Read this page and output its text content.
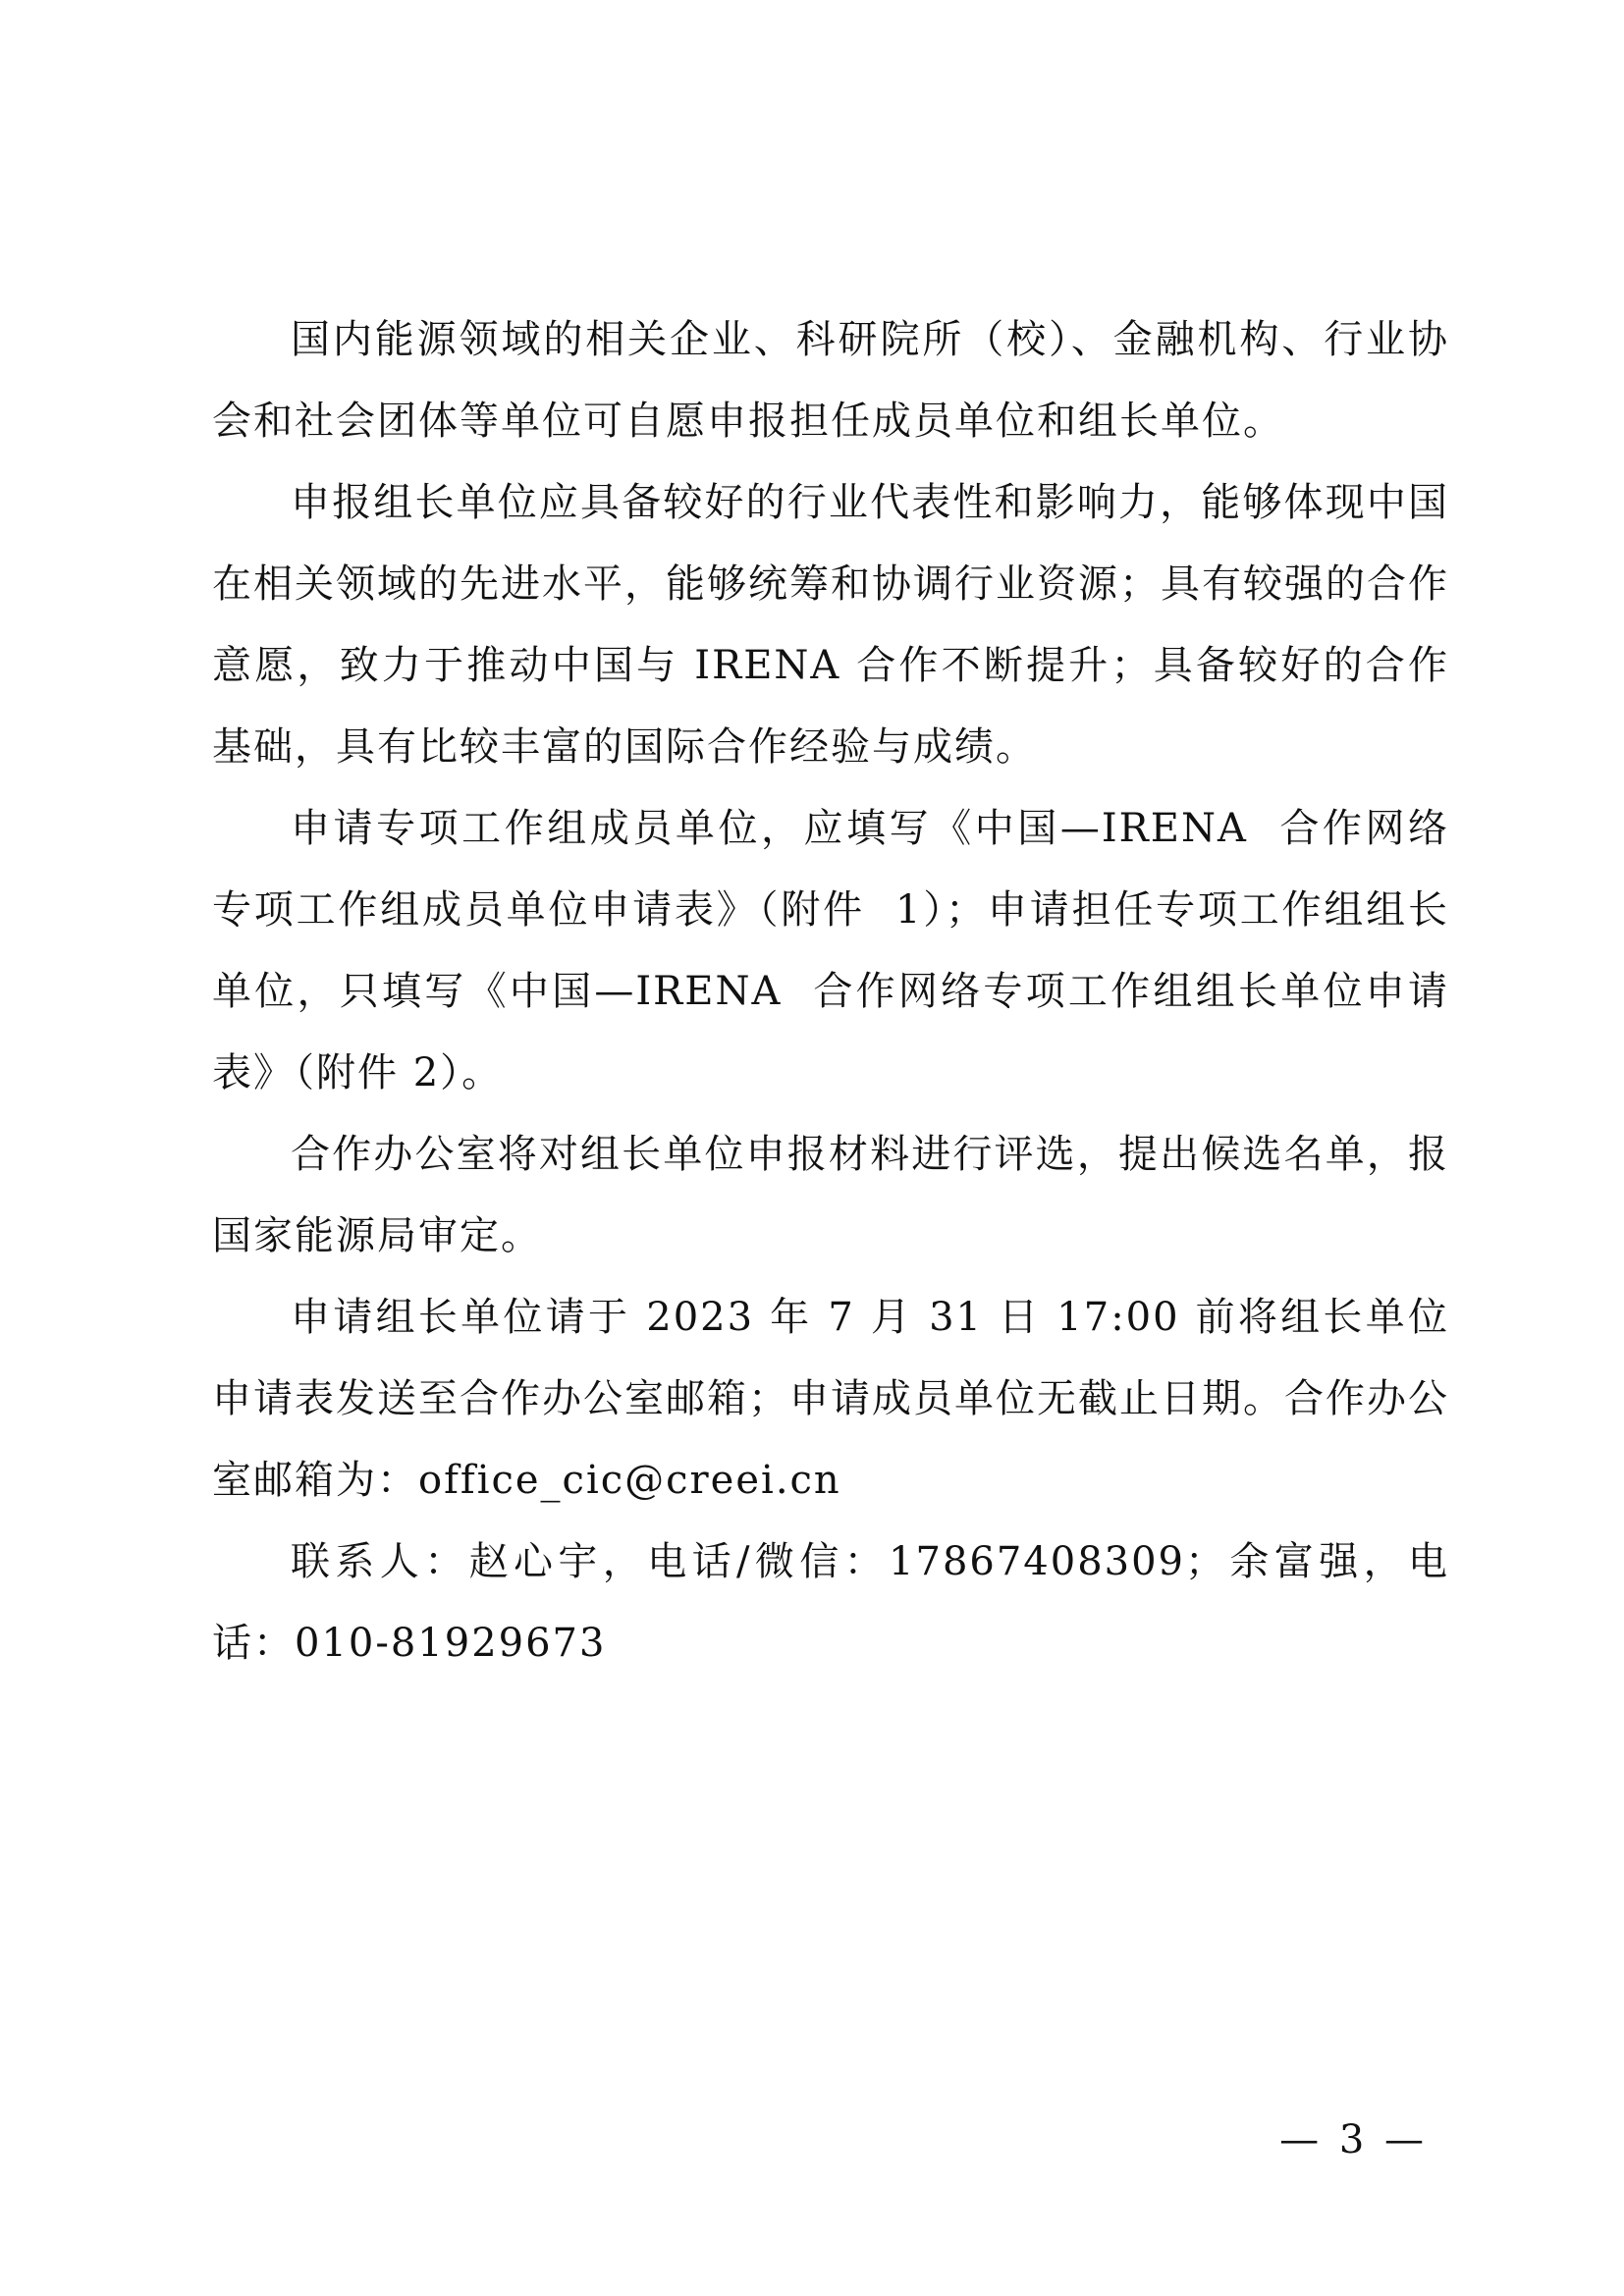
国内能源领域的相关企业、科研院所（校）、金融机构、行业协会和社会团体等单位可自愿申报担任成员单位和组长单位。

申报组长单位应具备较好的行业代表性和影响力，能够体现中国在相关领域的先进水平，能够统筹和协调行业资源；具有较强的合作意愿，致力于推动中国与 IRENA 合作不断提升；具备较好的合作基础，具有比较丰富的国际合作经验与成绩。

申请专项工作组成员单位，应填写《中国—IRENA  合作网络专项工作组成员单位申请表》（附件  1）；申请担任专项工作组组长单位，只填写《中国—IRENA  合作网络专项工作组组长单位申请表》（附件 2）。

合作办公室将对组长单位申报材料进行评选，提出候选名单，报国家能源局审定。

申请组长单位请于 2023 年 7 月 31 日 17:00 前将组长单位申请表发送至合作办公室邮箱；申请成员单位无截止日期。合作办公室邮箱为：office_cic@creei.cn

联系人：赵心宇，电话/微信：17867408309；余富强，电话：010-81929673

— 3 —
